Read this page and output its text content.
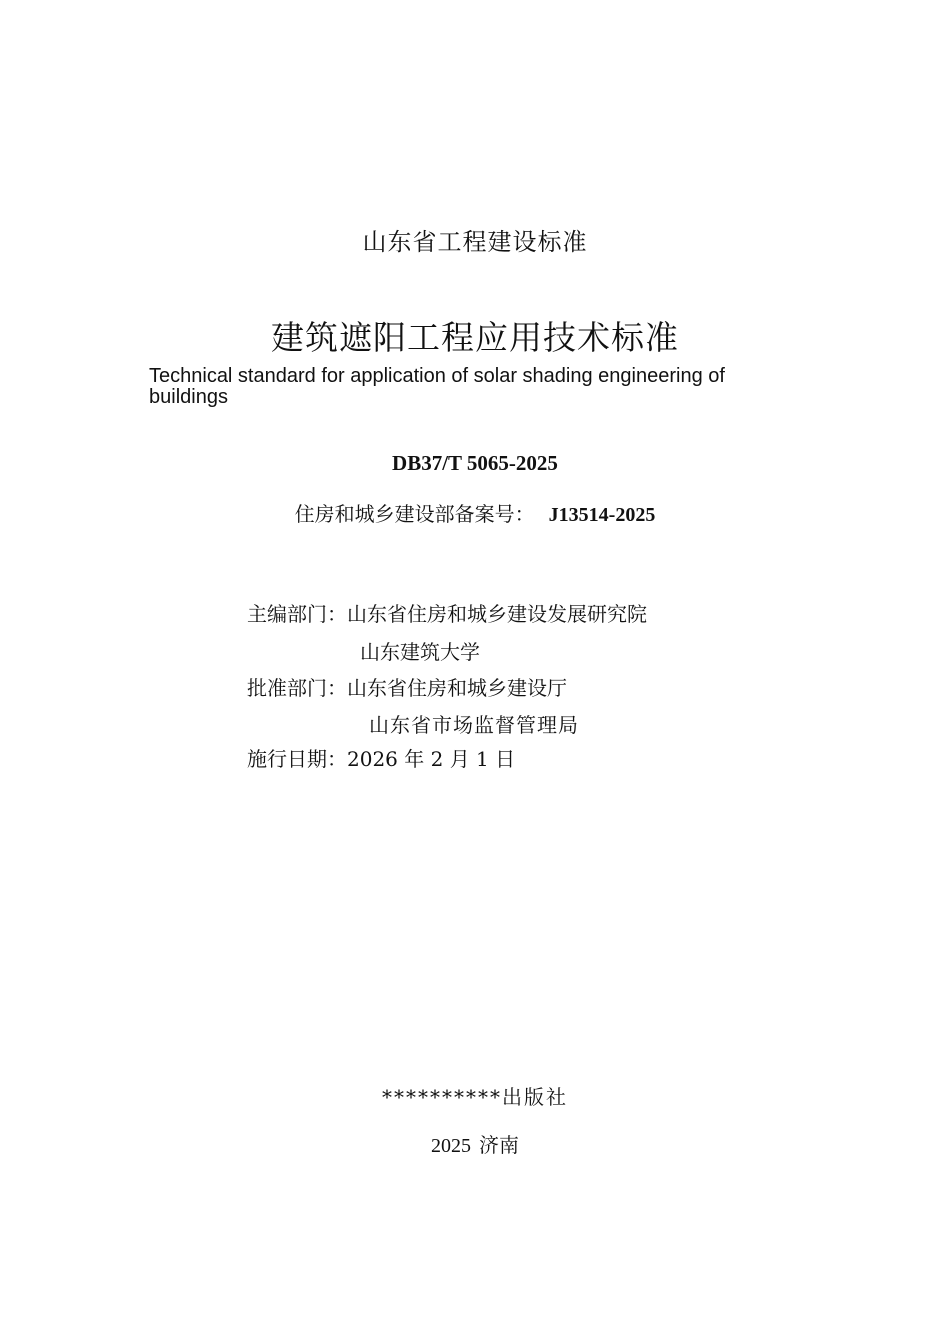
山东省工程建设标准
建筑遮阳工程应用技术标准
Technical standard for application of solar shading engineering of buildings
DB37/T 5065-2025
住房和城乡建设部备案号： J13514-2025
主编部门：山东省住房和城乡建设发展研究院
山东建筑大学
批准部门：山东省住房和城乡建设厅
山东省市场监督管理局
施行日期：2026 年 2 月 1 日
**********出版社
2025 济南
